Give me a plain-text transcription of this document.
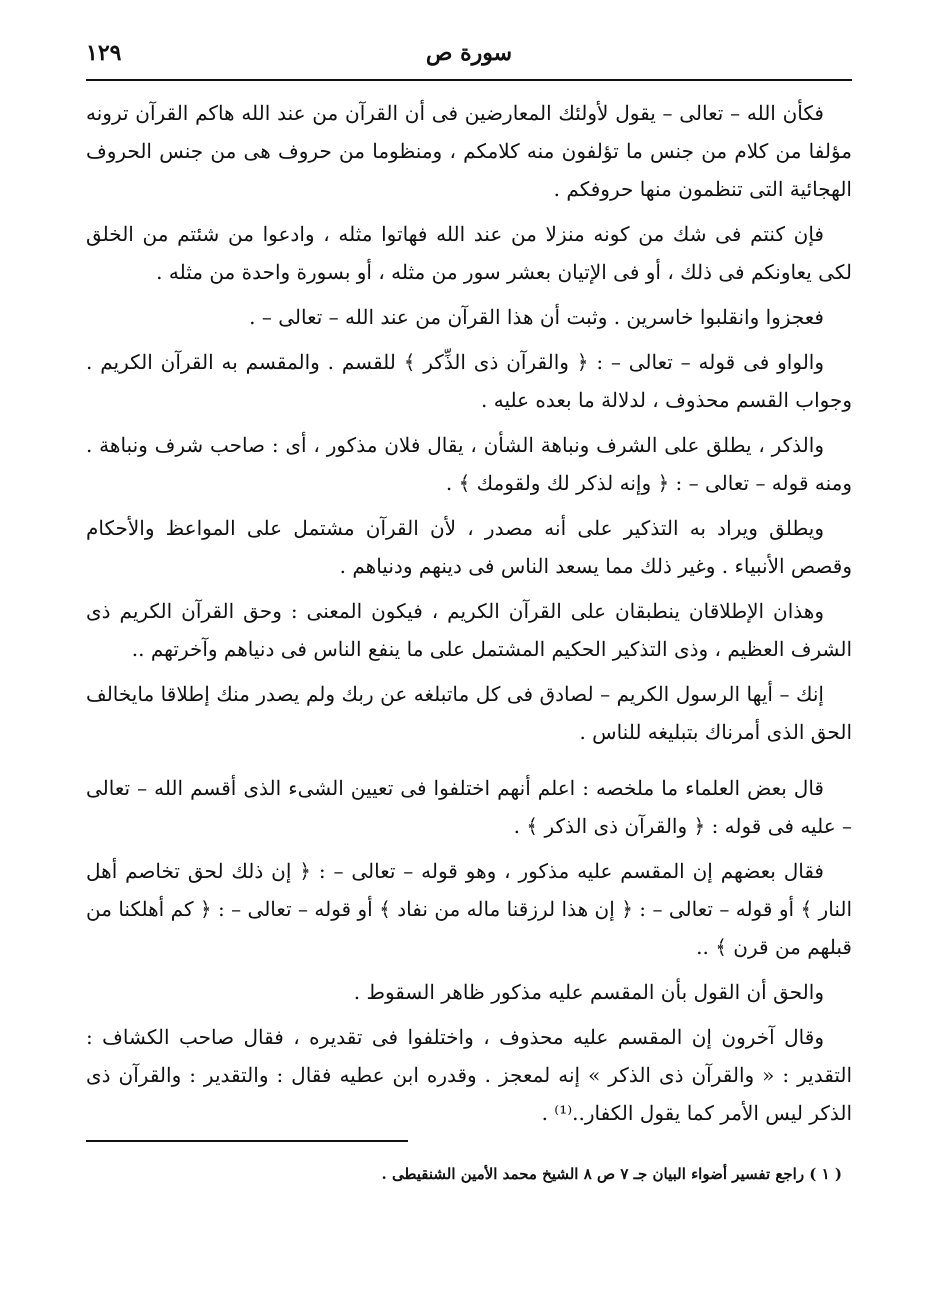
سورة ص
١٢٩

فكأن الله – تعالى – يقول لأولئك المعارضين فى أن القرآن من عند الله هاكم القرآن ترونه مؤلفا من كلام من جنس ما تؤلفون منه كلامكم ، ومنظوما من حروف هى من جنس الحروف الهجائية التى تنظمون منها حروفكم .

فإن كنتم فى شك من كونه منزلا من عند الله فهاتوا مثله ، وادعوا من شئتم من الخلق لكى يعاونكم فى ذلك ، أو فى الإتيان بعشر سور من مثله ، أو بسورة واحدة من مثله .

فعجزوا وانقلبوا خاسرين . وثبت أن هذا القرآن من عند الله – تعالى – .

والواو فى قوله – تعالى – : ﴿ والقرآن ذى الذِّكر ﴾ للقسم . والمقسم به القرآن الكريم . وجواب القسم محذوف ، لدلالة ما بعده عليه .

والذكر ، يطلق على الشرف ونباهة الشأن ، يقال فلان مذكور ، أى : صاحب شرف ونباهة . ومنه قوله – تعالى – : ﴿ وإنه لذكر لك ولقومك ﴾ .

ويطلق ويراد به التذكير على أنه مصدر ، لأن القرآن مشتمل على المواعظ والأحكام وقصص الأنبياء . وغير ذلك مما يسعد الناس فى دينهم ودنياهم .

وهذان الإطلاقان ينطبقان على القرآن الكريم ، فيكون المعنى : وحق القرآن الكريم ذى الشرف العظيم ، وذى التذكير الحكيم المشتمل على ما ينفع الناس فى دنياهم وآخرتهم ..

إنك – أيها الرسول الكريم – لصادق فى كل ماتبلغه عن ربك ولم يصدر منك إطلاقا مايخالف الحق الذى أمرناك بتبليغه للناس .

قال بعض العلماء ما ملخصه : اعلم أنهم اختلفوا فى تعيين الشىء الذى أقسم الله – تعالى – عليه فى قوله : ﴿ والقرآن ذى الذكر ﴾ .

فقال بعضهم إن المقسم عليه مذكور ، وهو قوله – تعالى – : ﴿ إن ذلك لحق تخاصم أهل النار ﴾ أو قوله – تعالى – : ﴿ إن هذا لرزقنا ماله من نفاد ﴾ أو قوله – تعالى – : ﴿ كم أهلكنا من قبلهم من قرن ﴾ ..

والحق أن القول بأن المقسم عليه مذكور ظاهر السقوط .

وقال آخرون إن المقسم عليه محذوف ، واختلفوا فى تقديره ، فقال صاحب الكشاف : التقدير : « والقرآن ذى الذكر » إنه لمعجز . وقدره ابن عطيه فقال : والتقدير : والقرآن ذى الذكر ليس الأمر كما يقول الكفار..⁽¹⁾ .

( ١ ) راجع تفسير أضواء البيان جـ ٧ ص ٨ الشيخ محمد الأمين الشنقيطى .
